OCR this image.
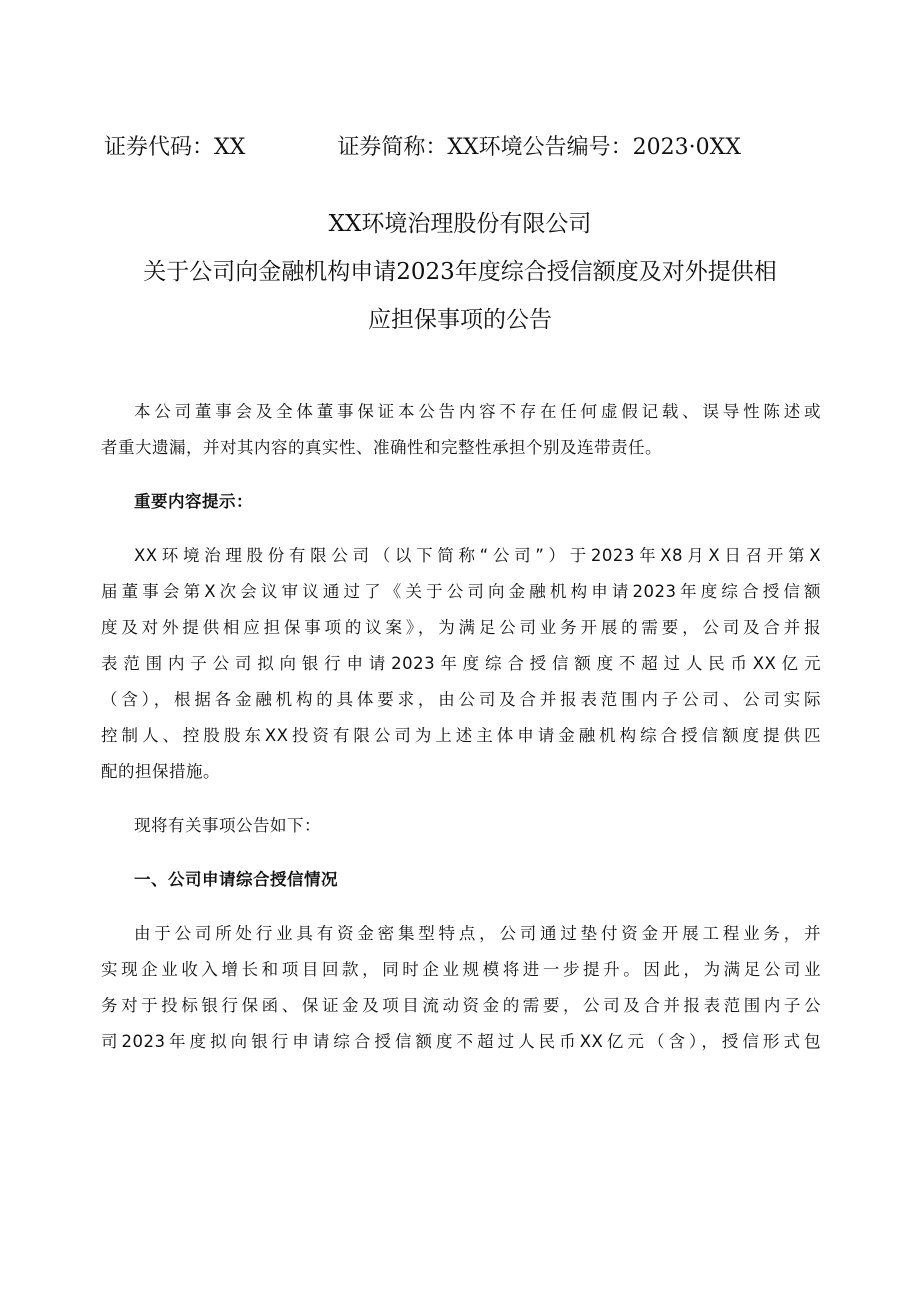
证券代码：XX	证券简称：XX环境公告编号：2023·0XX
XX环境治理股份有限公司
关于公司向金融机构申请2023年度综合授信额度及对外提供相
应担保事项的公告

本公司董事会及全体董事保证本公告内容不存在任何虚假记载、误导性陈述或

者重大遗漏，并对其内容的真实性、准确性和完整性承担个别及连带责任。

重要内容提示：

XX环境治理股份有限公司（以下简称“公司”）于2023年X8月X日召开第X

届董事会第X次会议审议通过了《关于公司向金融机构申请2023年度综合授信额

度及对外提供相应担保事项的议案》，为满足公司业务开展的需要，公司及合并报

表范围内子公司拟向银行申请2023年度综合授信额度不超过人民币XX亿元

（含），根据各金融机构的具体要求，由公司及合并报表范围内子公司、公司实际

控制人、控股股东XX投资有限公司为上述主体申请金融机构综合授信额度提供匹

配的担保措施。

现将有关事项公告如下：

一、公司申请综合授信情况

由于公司所处行业具有资金密集型特点，公司通过垫付资金开展工程业务，并

实现企业收入增长和项目回款，同时企业规模将进一步提升。因此，为满足公司业

务对于投标银行保函、保证金及项目流动资金的需要，公司及合并报表范围内子公

司2023年度拟向银行申请综合授信额度不超过人民币XX亿元（含），授信形式包
